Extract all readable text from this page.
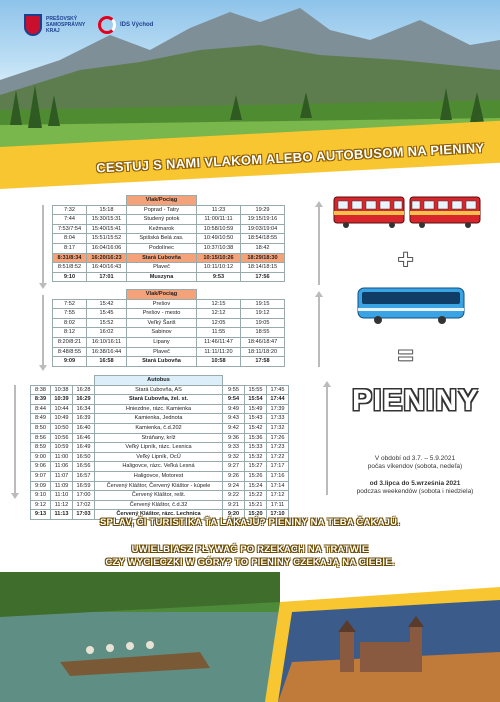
PREŠOVSKÝ
SAMOSPRÁVNY
KRAJ
IDS Východ
CESTUJ S NAMI VLAKOM ALEBO AUTOBUSOM NA PIENINY
		Vlak/Pociąg		
7:32	15:18	Poprad - Tatry	11:23	19:29
7:44	15:30/15:31	Studený potok	11:00/11:11	19:15/19:16
7:53/7:54	15:40/15:41	Kežmarok	10:58/10:59	19:03/19:04
8:04	15:51/15:52	Spišská Belá zas.	10:49/10:50	18:54/18:55
8:17	16:04/16:06	Podolínec	10:37/10:38	18:42
8:31/8:34	16:20/16:23	Stará Ľubovňa	10:15/10:26	18:29/18:30
8:51/8:52	16:40/16:43	Plaveč	10:11/10:12	18:14/18:15
9:10	17:01	Muszyna	9:53	17:56
		Vlak/Pociąg		
7:52	15:42	Prešov	12:15	19:15
7:55	15:45	Prešov - mesto	12:12	19:12
8:02	15:52	Veľký Šariš	12:05	19:05
8:12	16:02	Sabinov	11:55	18:55
8:20/8:21	16:10/16:11	Lipany	11:46/11:47	18:46/18:47
8:48/8:55	16:38/16:44	Plaveč	11:11/11:20	18:11/18:20
9:09	16:58	Stará Ľubovňa	10:58	17:58
			Autobus			
8:38	10:38	16:28	Stará Ľubovňa, AS	9:55	15:55	17:45
8:39	10:39	16:29	Stará Ľubovňa, žel. st.	9:54	15:54	17:44
8:44	10:44	16:34	Hniezdne, rázc. Kamienka	9:49	15:49	17:39
8:49	10:49	16:39	Kamienka, Jednota	9:43	15:43	17:33
8:50	10:50	16:40	Kamienka, č.d.202	9:42	15:42	17:32
8:56	10:56	16:46	Stráňany, kríž	9:36	15:36	17:26
8:59	10:59	16:49	Veľký Lipník, rázc. Lesnica	9:33	15:33	17:23
9:00	11:00	16:50	Veľký Lipník, OcÚ	9:32	15:32	17:22
9:06	11:06	16:56	Haligovce, rázc. Veľká Lesná	9:27	15:27	17:17
9:07	11:07	16:57	Haligovce, Motorest	9:26	15:26	17:16
9:09	11:09	16:59	Červený Kláštor, Červený Kláštor - kúpele	9:24	15:24	17:14
9:10	11:10	17:00	Červený Kláštor, rešt.	9:22	15:22	17:12
9:12	11:12	17:02	Červený Kláštor, č.d.32	9:21	15:21	17:11
9:13	11:13	17:03	Červený Kláštor, rázc. Lechnica	9:20	15:20	17:10
+
=
PIENINY
V období od 3.7. – 5.9.2021
počas víkendov (sobota, nedeľa)
od 3.lipca do 5.września 2021
podczas weekendów (sobota i niedziela)
SPLAV, ČI TURISTIKA ŤA LÁKAJÚ? PIENINY NA TEBA ČAKAJÚ.
UWIELBIASZ PŁYWAĆ PO RZEKACH NA TRATWIE
CZY WYCIECZKI W GÓRY? TO PIENINY CZEKAJĄ NA CIEBIE.
